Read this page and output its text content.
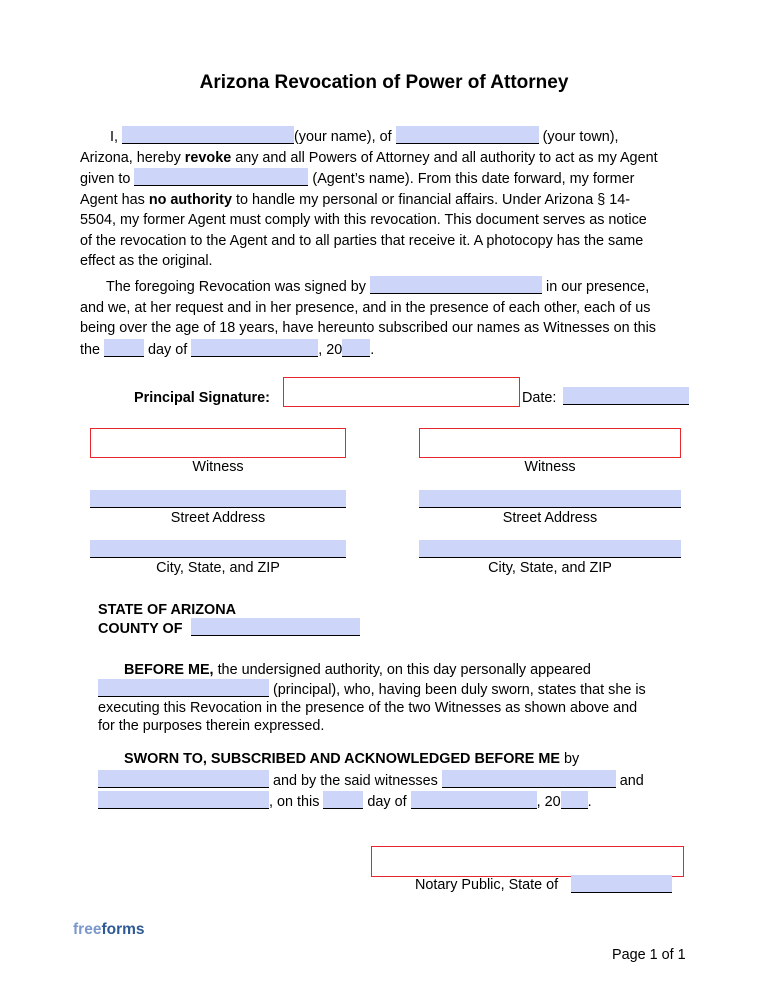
Arizona Revocation of Power of Attorney
I,	(your name), of	(your town),
Arizona, hereby revoke any and all Powers of Attorney and all authority to act as my Agent
given to	(Agent’s name). From this date forward, my former
Agent has no authority to handle my personal or financial affairs. Under Arizona § 14-
5504, my former Agent must comply with this revocation. This document serves as notice
of the revocation to the Agent and to all parties that receive it. A photocopy has the same
effect as the original.
The foregoing Revocation was signed by	in our presence,
and we, at her request and in her presence, and in the presence of each other, each of us
being over the age of 18 years, have hereunto subscribed our names as Witnesses on this
the	day of	, 20 .
Principal Signature:	Date:
Witness
Street Address
City, State, and ZIP
Witness
Street Address
City, State, and ZIP
STATE OF ARIZONA
COUNTY OF
BEFORE ME, the undersigned authority, on this day personally appeared
(principal), who, having been duly sworn, states that she is
executing this Revocation in the presence of the two Witnesses as shown above and
for the purposes therein expressed.
SWORN TO, SUBSCRIBED AND ACKNOWLEDGED BEFORE ME by
and by the said witnesses	and
, on this	day of	, 20 .
Notary Public, State of
freeforms
Page 1 of 1
